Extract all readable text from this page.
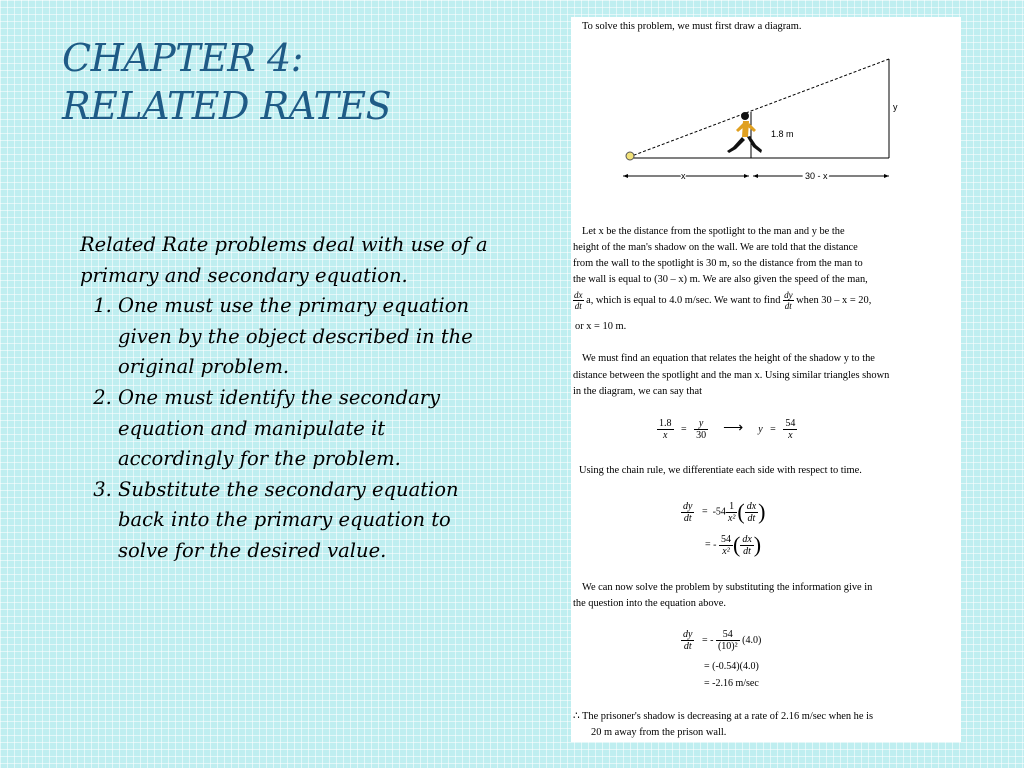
CHAPTER 4:
RELATED RATES

Related Rate problems deal with use of a primary and secondary equation.

1. One must use the primary equation given by the object described in the original problem.
2. One must identify the secondary equation and manipulate it accordingly for the problem.
3. Substitute the secondary equation back into the primary equation to solve for the desired value.

To solve this problem, we must first draw a diagram.

1.8 m
y
x	30 - x

Let x be the distance from the spotlight to the man and y be the

height of the man's shadow on the wall. We are told that the distance

from the wall to the spotlight is 30 m, so the distance from the man to

the wall is equal to (30 – x) m. We are also given the speed of the man,

$\frac{dx}{dt} a$, which is equal to 4.0 m/sec. We want to find $\frac{dy}{dt}$ when 30 – x = 20,

or x = 10 m.

We must find an equation that relates the height of the shadow y to the

distance between the spotlight and the man x. Using similar triangles shown

in the diagram, we can say that

$\frac{1.8}{x} = \frac{y}{30}$ ⟶ $y = \frac{54}{x}$

Using the chain rule, we differentiate each side with respect to time.

$\frac{dy}{dt} = -54 \frac{1}{\text{x²}}$ ( $\frac{dx}{dt}$ )
= - $\frac{54}{\text{x²}}$ ( $\frac{dx}{dt}$ )

We can now solve the problem by substituting the information give in

the question into the equation above.

$\frac{dy}{dt}$ = - $\frac{54}{\text{(10)²}} (4.0)$

= (-0.54)(4.0)

= -2.16 m/sec

∴ The prisoner's shadow is decreasing at a rate of 2.16 m/sec when he is

20 m away from the prison wall.
